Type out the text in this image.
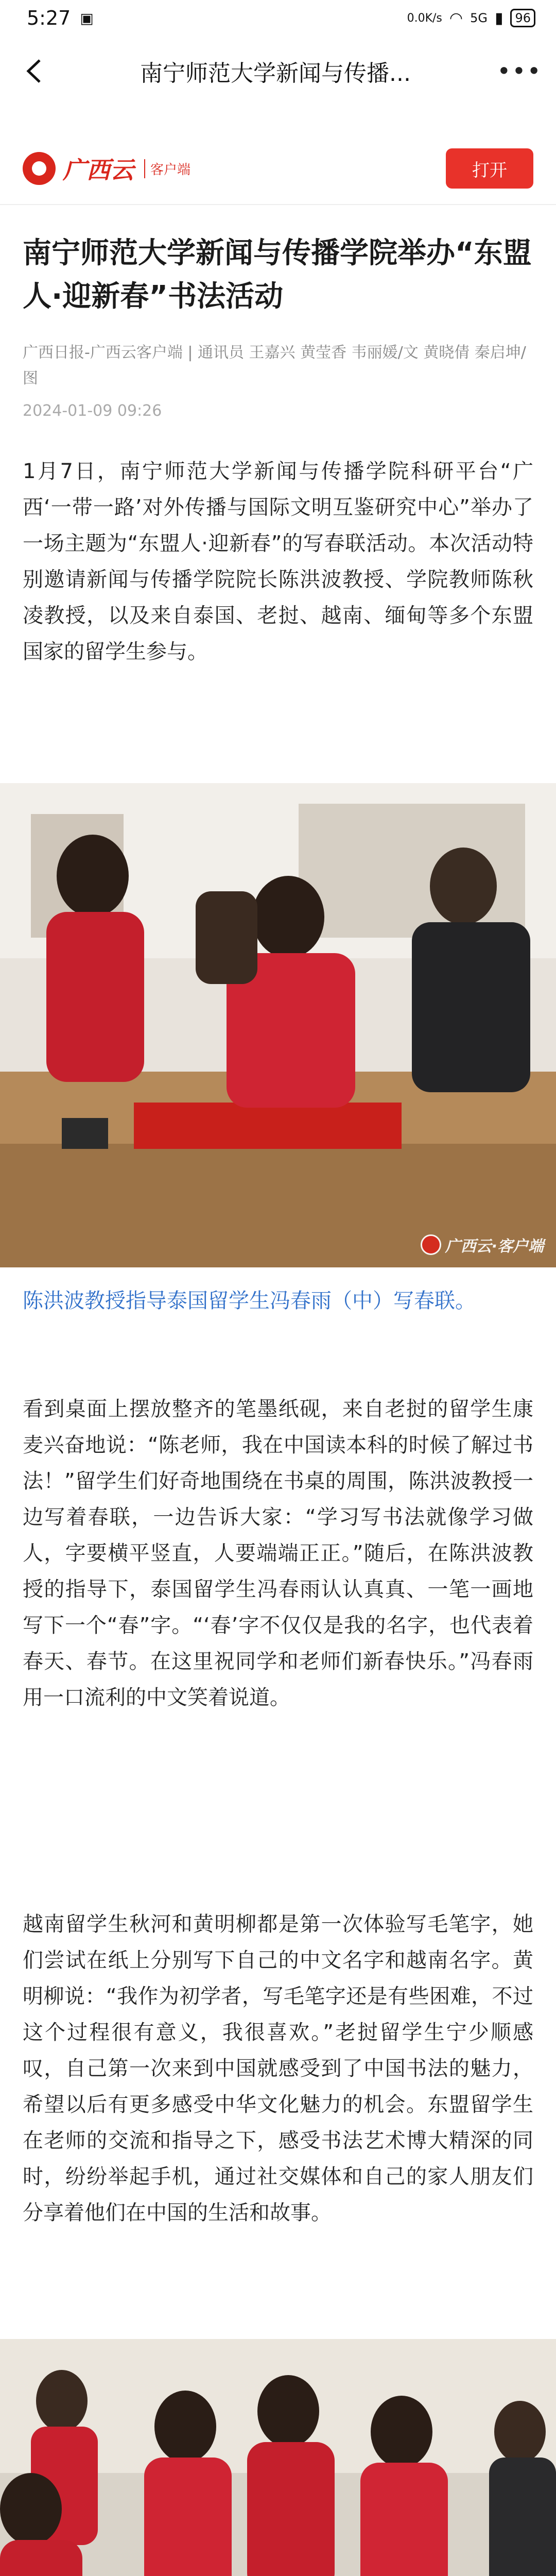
5:27 ▣	0.0K/s ◠ 5G ▮ 96
南宁师范大学新闻与传播...	•••
广西云	客户端	打开
南宁师范大学新闻与传播学院举办“东盟人·迎新春”书法活动
广西日报-广西云客户端 | 通讯员 王嘉兴 黄莹香 韦丽媛/文 黄晓倩 秦启坤/图
2024-01-09 09:26

1月7日，南宁师范大学新闻与传播学院科研平台“广西‘一带一路’对外传播与国际文明互鉴研究中心”举办了一场主题为“东盟人·迎新春”的写春联活动。本次活动特别邀请新闻与传播学院院长陈洪波教授、学院教师陈秋凌教授，以及来自泰国、老挝、越南、缅甸等多个东盟国家的留学生参与。

广西云·客户端

陈洪波教授指导泰国留学生冯春雨（中）写春联。

看到桌面上摆放整齐的笔墨纸砚，来自老挝的留学生康麦兴奋地说：“陈老师，我在中国读本科的时候了解过书法！”留学生们好奇地围绕在书桌的周围，陈洪波教授一边写着春联，一边告诉大家：“学习写书法就像学习做人，字要横平竖直，人要端端正正。”随后，在陈洪波教授的指导下，泰国留学生冯春雨认认真真、一笔一画地写下一个“春”字。“‘春’字不仅仅是我的名字，也代表着春天、春节。在这里祝同学和老师们新春快乐。”冯春雨用一口流利的中文笑着说道。

越南留学生秋河和黄明柳都是第一次体验写毛笔字，她们尝试在纸上分别写下自己的中文名字和越南名字。黄明柳说：“我作为初学者，写毛笔字还是有些困难，不过这个过程很有意义，我很喜欢。”老挝留学生宁少顺感叹，自己第一次来到中国就感受到了中国书法的魅力，希望以后有更多感受中华文化魅力的机会。东盟留学生在老师的交流和指导之下，感受书法艺术博大精深的同时，纷纷举起手机，通过社交媒体和自己的家人朋友们分享着他们在中国的生活和故事。
